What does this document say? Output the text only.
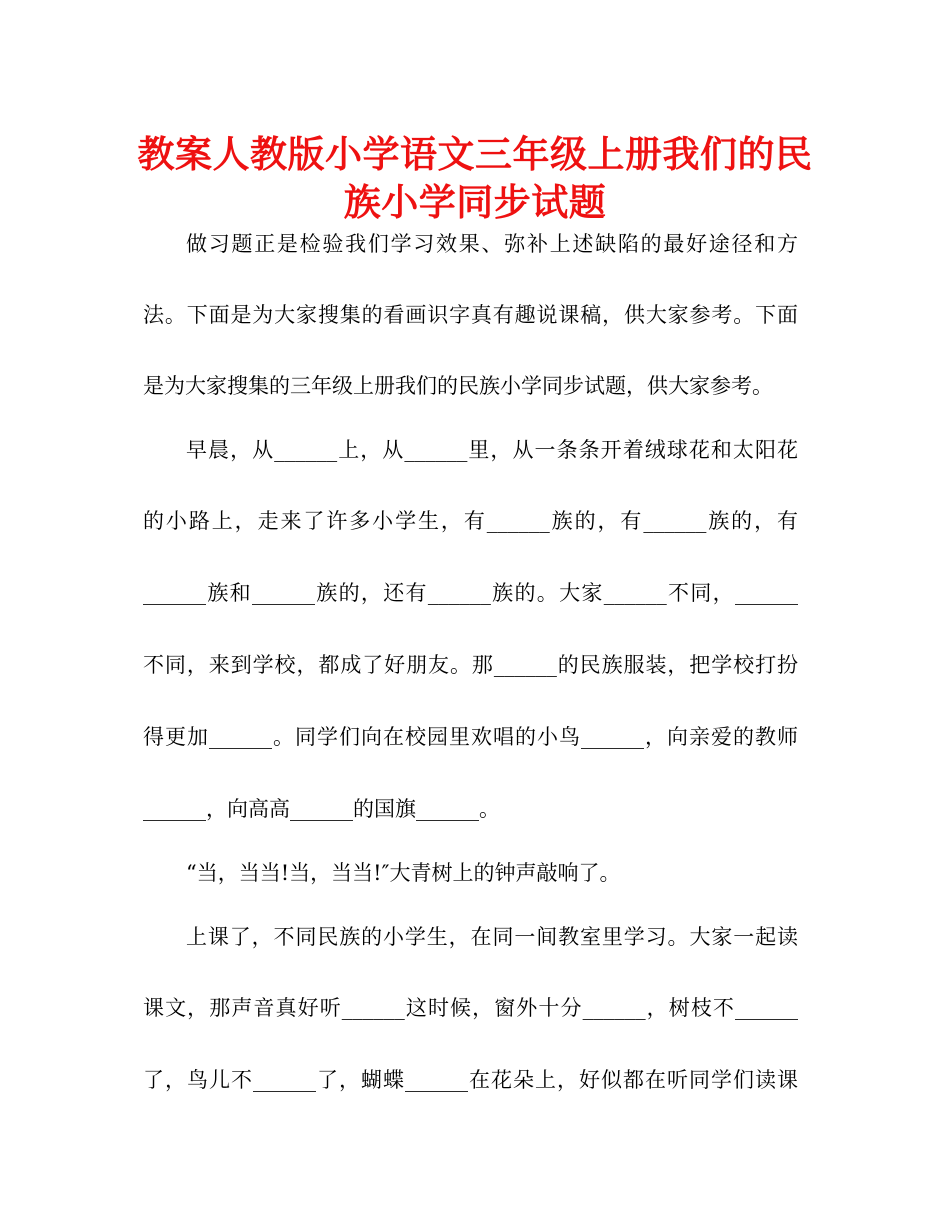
教案人教版小学语文三年级上册我们的民
族小学同步试题

做习题正是检验我们学习效果、弥补上述缺陷的最好途径和方

法。下面是为大家搜集的看画识字真有趣说课稿，供大家参考。下面

是为大家搜集的三年级上册我们的民族小学同步试题，供大家参考。

早晨，从______上，从______里，从一条条开着绒球花和太阳花

的小路上，走来了许多小学生，有______族的，有______族的，有

______族和______族的，还有______族的。大家______不同，______

不同，来到学校，都成了好朋友。那______的民族服装，把学校打扮

得更加______。同学们向在校园里欢唱的小鸟______，向亲爱的教师

______，向高高______的国旗______。

“当，当当!当，当当!″大青树上的钟声敲响了。

上课了，不同民族的小学生，在同一间教室里学习。大家一起读

课文，那声音真好听______这时候，窗外十分______，树枝不______

了，鸟儿不______了，蝴蝶______在花朵上，好似都在听同学们读课
